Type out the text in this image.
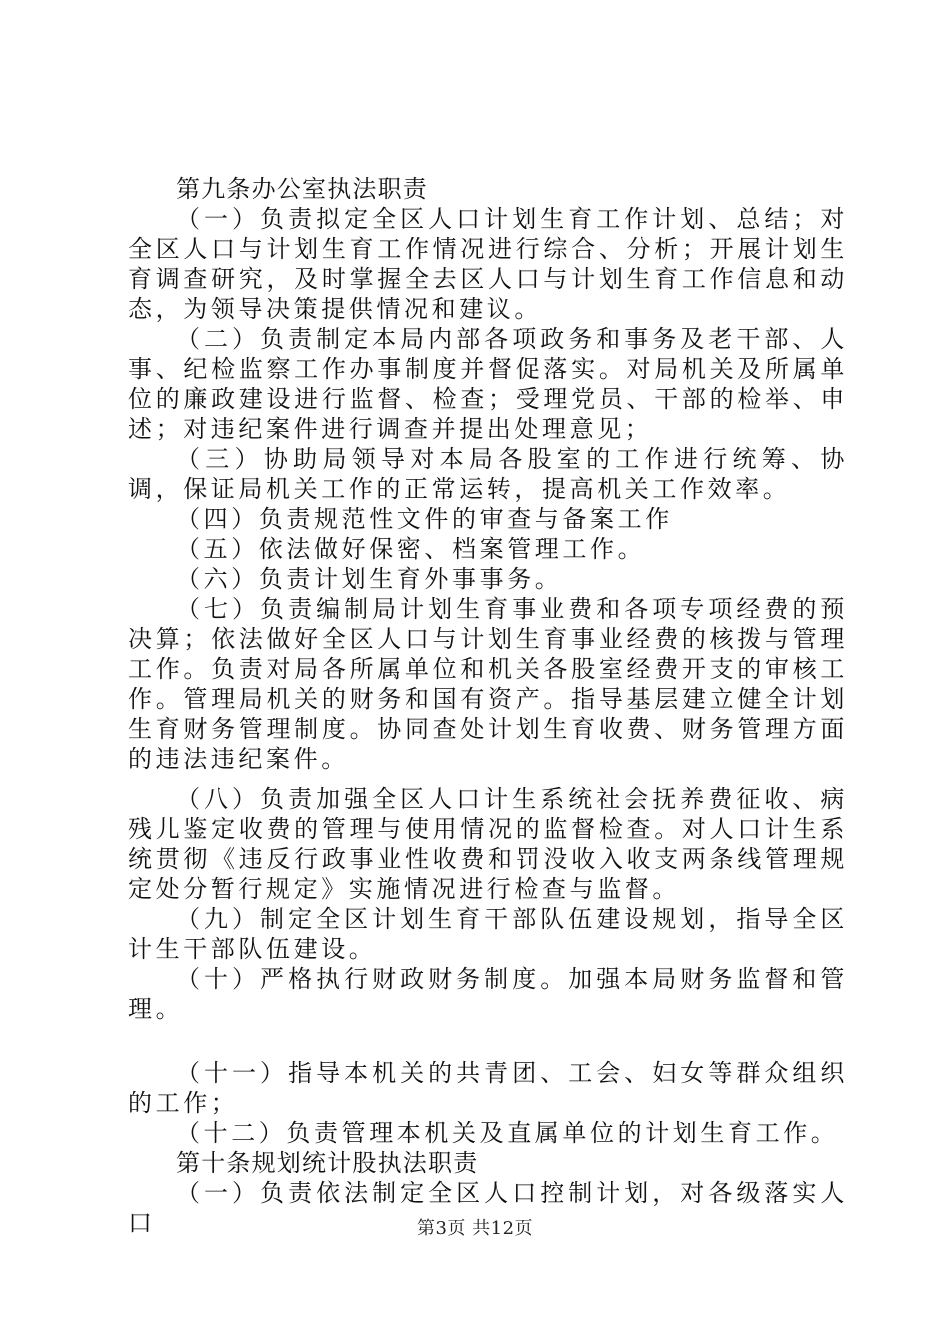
第九条办公室执法职责

（一）负责拟定全区人口计划生育工作计划、总结；对全区人口与计划生育工作情况进行综合、分析；开展计划生育调查研究，及时掌握全去区人口与计划生育工作信息和动态，为领导决策提供情况和建议。

（二）负责制定本局内部各项政务和事务及老干部、人事、纪检监察工作办事制度并督促落实。对局机关及所属单位的廉政建设进行监督、检查；受理党员、干部的检举、申述；对违纪案件进行调查并提出处理意见；

（三）协助局领导对本局各股室的工作进行统筹、协调，保证局机关工作的正常运转，提高机关工作效率。

（四）负责规范性文件的审查与备案工作

（五）依法做好保密、档案管理工作。

（六）负责计划生育外事事务。

（七）负责编制局计划生育事业费和各项专项经费的预决算；依法做好全区人口与计划生育事业经费的核拨与管理工作。负责对局各所属单位和机关各股室经费开支的审核工作。管理局机关的财务和国有资产。指导基层建立健全计划生育财务管理制度。协同查处计划生育收费、财务管理方面的违法违纪案件。

（八）负责加强全区人口计生系统社会抚养费征收、病残儿鉴定收费的管理与使用情况的监督检查。对人口计生系统贯彻《违反行政事业性收费和罚没收入收支两条线管理规定处分暂行规定》实施情况进行检查与监督。

（九）制定全区计划生育干部队伍建设规划，指导全区计生干部队伍建设。

（十）严格执行财政财务制度。加强本局财务监督和管理。

（十一）指导本机关的共青团、工会、妇女等群众组织的工作；

（十二）负责管理本机关及直属单位的计划生育工作。

第十条规划统计股执法职责

（一）负责依法制定全区人口控制计划，对各级落实人口	第3页 共12页
